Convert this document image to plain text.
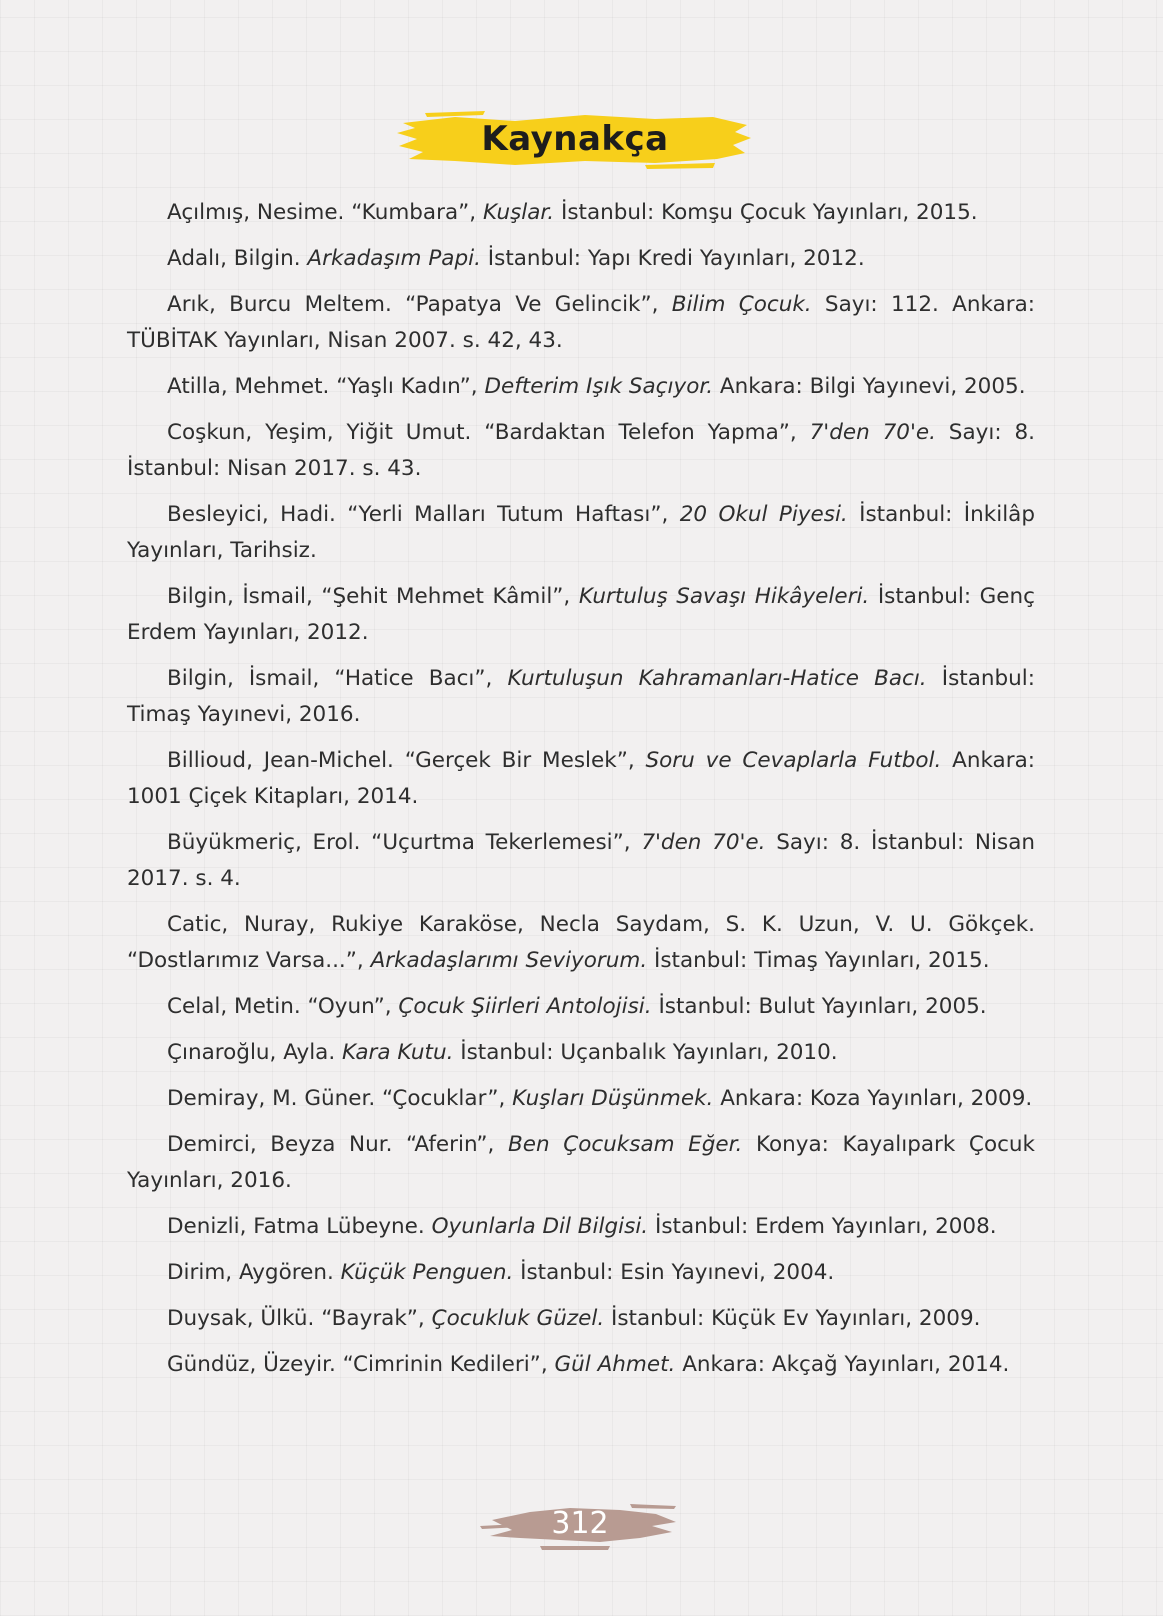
Kaynakça
Açılmış, Nesime. “Kumbara”, Kuşlar. İstanbul: Komşu Çocuk Yayınları, 2015.
Adalı, Bilgin. Arkadaşım Papi. İstanbul: Yapı Kredi Yayınları, 2012.
Arık, Burcu Meltem. “Papatya Ve Gelincik”, Bilim Çocuk. Sayı: 112. Ankara: TÜBİTAK Yayınları, Nisan 2007. s. 42, 43.
Atilla, Mehmet. “Yaşlı Kadın”, Defterim Işık Saçıyor. Ankara: Bilgi Yayınevi, 2005.
Coşkun, Yeşim, Yiğit Umut. “Bardaktan Telefon Yapma”, 7'den 70'e. Sayı: 8. İstanbul: Nisan 2017. s. 43.
Besleyici, Hadi. “Yerli Malları Tutum Haftası”, 20 Okul Piyesi. İstanbul: İnkilâp Yayınları, Tarihsiz.
Bilgin, İsmail, “Şehit Mehmet Kâmil”, Kurtuluş Savaşı Hikâyeleri. İstanbul: Genç Erdem Yayınları, 2012.
Bilgin, İsmail, “Hatice Bacı”, Kurtuluşun Kahramanları-Hatice Bacı. İstanbul: Timaş Yayınevi, 2016.
Billioud, Jean-Michel. “Gerçek Bir Meslek”, Soru ve Cevaplarla Futbol. Ankara: 1001 Çiçek Kitapları, 2014.
Büyükmeriç, Erol. “Uçurtma Tekerlemesi”, 7'den 70'e. Sayı: 8. İstanbul: Nisan 2017. s. 4.
Catic, Nuray, Rukiye Karaköse, Necla Saydam, S. K. Uzun, V. U. Gökçek. “Dostlarımız Varsa...”, Arkadaşlarımı Seviyorum. İstanbul: Timaş Yayınları, 2015.
Celal, Metin. “Oyun”, Çocuk Şiirleri Antolojisi. İstanbul: Bulut Yayınları, 2005.
Çınaroğlu, Ayla. Kara Kutu. İstanbul: Uçanbalık Yayınları, 2010.
Demiray, M. Güner. “Çocuklar”, Kuşları Düşünmek. Ankara: Koza Yayınları, 2009.
Demirci, Beyza Nur. “Aferin”, Ben Çocuksam Eğer. Konya: Kayalıpark Çocuk Yayınları, 2016.
Denizli, Fatma Lübeyne. Oyunlarla Dil Bilgisi. İstanbul: Erdem Yayınları, 2008.
Dirim, Aygören. Küçük Penguen. İstanbul: Esin Yayınevi, 2004.
Duysak, Ülkü. “Bayrak”, Çocukluk Güzel. İstanbul: Küçük Ev Yayınları, 2009.
Gündüz, Üzeyir. “Cimrinin Kedileri”, Gül Ahmet. Ankara: Akçağ Yayınları, 2014.
312
